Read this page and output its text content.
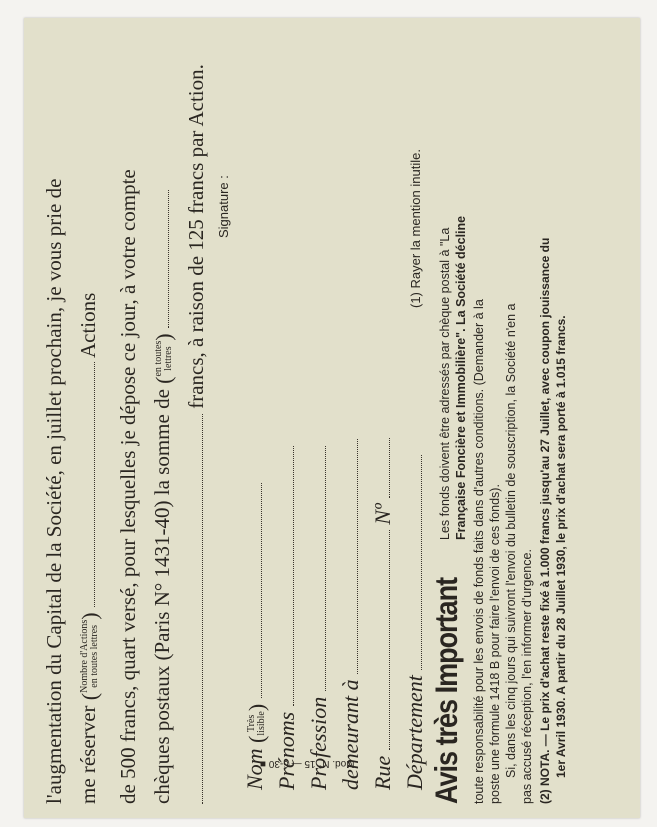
l'augmentation du Capital de la Société, en juillet prochain, je vous prie de me réserver (Nombre d'Actions
en toutes lettres)  Actions de 500 francs, quart versé, pour lesquelles je dépose ce jour, à votre compte chèques postaux (Paris N° 1431-40) la somme de (en toutes
lettres) francs, à raison de 125 francs par Action. Signature :
Nom (Très
lisible)
Prénoms Profession demeurant à Rue  Nº
Département
(1) Rayer la mention inutile.
Avis très Important
Les fonds doivent être adressés par chèque postal à "La Française Foncière et Immobilière". La Société décline toute responsabilité pour les envois de fonds faits dans d'autres conditions. (Demander à la poste une formule 1418 B pour faire l'envoi de ces fonds). Si, dans les cinq jours qui suivront l'envoi du bulletin de souscription, la Société n'en a pas accusé réception, l'en informer d'urgence. (2) NOTA. — Le prix d'achat reste fixé à 1.000 francs jusqu'au 27 Juillet, avec coupon jouissance du 1er Avril 1930. A partir du 28 Juillet 1930, le prix d'achat sera porté à 1.015 francs.
Mod. N° 15 — 6-30 ■
